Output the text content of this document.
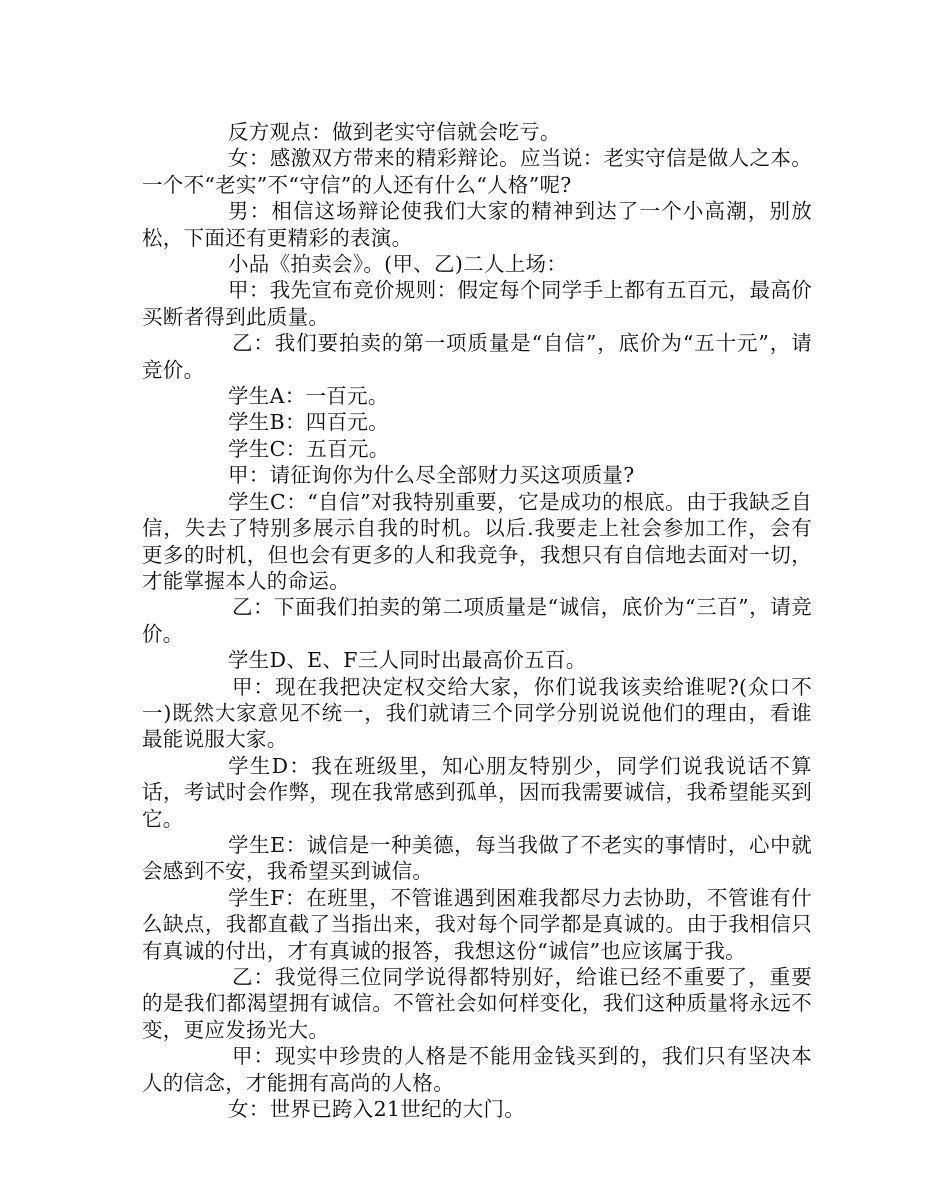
反方观点：做到老实守信就会吃亏。

女：感激双方带来的精彩辩论。应当说：老实守信是做人之本。一个不“老实”不“守信”的人还有什么“人格”呢?

男：相信这场辩论使我们大家的精神到达了一个小高潮，别放松，下面还有更精彩的表演。

小品《拍卖会》。(甲、乙)二人上场：

甲：我先宣布竞价规则：假定每个同学手上都有五百元，最高价买断者得到此质量。

乙：我们要拍卖的第一项质量是“自信”，底价为“五十元”，请竞价。

学生A：一百元。

学生B：四百元。

学生C：五百元。

甲：请征询你为什么尽全部财力买这项质量?

学生C：“自信”对我特别重要，它是成功的根底。由于我缺乏自信，失去了特别多展示自我的时机。以后.我要走上社会参加工作，会有更多的时机，但也会有更多的人和我竞争，我想只有自信地去面对一切，才能掌握本人的命运。

乙：下面我们拍卖的第二项质量是“诚信，底价为“三百”，请竞价。

学生D、E、F三人同时出最高价五百。

甲：现在我把决定权交给大家，你们说我该卖给谁呢?(众口不一)既然大家意见不统一，我们就请三个同学分别说说他们的理由，看谁最能说服大家。

学生D：我在班级里，知心朋友特别少，同学们说我说话不算话，考试时会作弊，现在我常感到孤单，因而我需要诚信，我希望能买到它。

学生E：诚信是一种美德，每当我做了不老实的事情时，心中就会感到不安，我希望买到诚信。

学生F：在班里，不管谁遇到困难我都尽力去协助，不管谁有什么缺点，我都直截了当指出来，我对每个同学都是真诚的。由于我相信只有真诚的付出，才有真诚的报答，我想这份“诚信”也应该属于我。

乙：我觉得三位同学说得都特别好，给谁已经不重要了，重要的是我们都渴望拥有诚信。不管社会如何样变化，我们这种质量将永远不变，更应发扬光大。

甲：现实中珍贵的人格是不能用金钱买到的，我们只有坚决本人的信念，才能拥有高尚的人格。

女：世界已跨入21世纪的大门。
